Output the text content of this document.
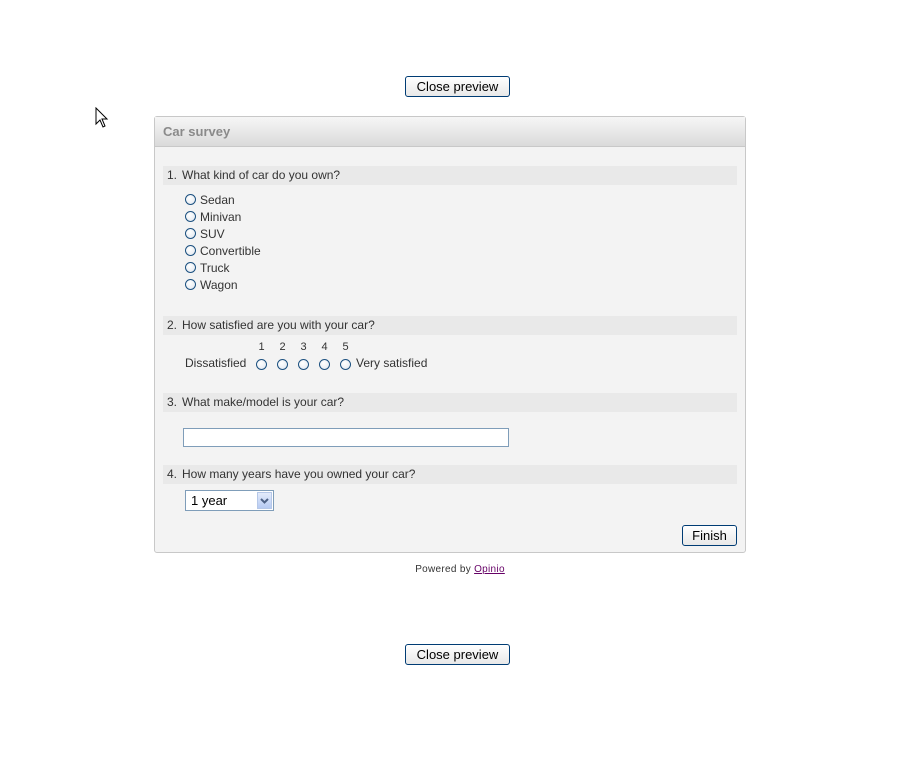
Close preview
Car survey
1. What kind of car do you own?
Sedan
Minivan
SUV
Convertible
Truck
Wagon
2. How satisfied are you with your car?
1 2 3 4 5
Dissatisfied	Very satisfied
3. What make/model is your car?
4. How many years have you owned your car?
1 year
Finish
Powered by Opinio
Close preview
